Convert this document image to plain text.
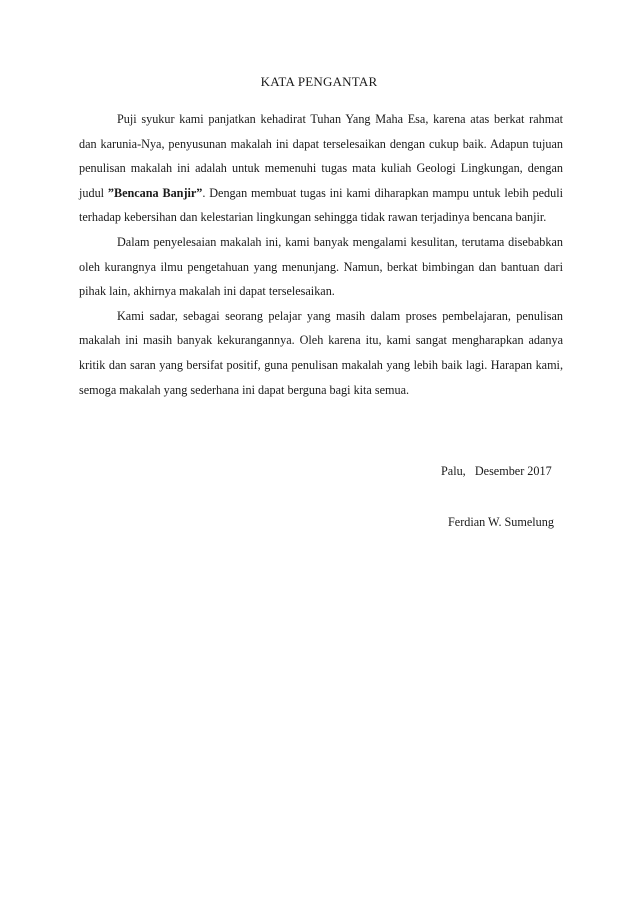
KATA PENGANTAR

Puji syukur kami panjatkan kehadirat Tuhan Yang Maha Esa, karena atas berkat rahmat dan karunia-Nya, penyusunan makalah ini dapat terselesaikan dengan cukup baik. Adapun tujuan penulisan makalah ini adalah untuk memenuhi tugas mata kuliah Geologi Lingkungan, dengan judul ”Bencana Banjir”. Dengan membuat tugas ini kami diharapkan mampu untuk lebih peduli terhadap kebersihan dan kelestarian lingkungan sehingga tidak rawan terjadinya bencana banjir.

Dalam penyelesaian makalah ini, kami banyak mengalami kesulitan, terutama disebabkan oleh kurangnya ilmu pengetahuan yang menunjang. Namun, berkat bimbingan dan bantuan dari pihak lain, akhirnya makalah ini dapat terselesaikan.

Kami sadar, sebagai seorang pelajar yang masih dalam proses pembelajaran, penulisan makalah ini masih banyak kekurangannya. Oleh karena itu, kami sangat mengharapkan adanya kritik dan saran yang bersifat positif, guna penulisan makalah yang lebih baik lagi. Harapan kami, semoga makalah yang sederhana ini dapat berguna bagi kita semua.

Palu,   Desember 2017
Ferdian W. Sumelung
